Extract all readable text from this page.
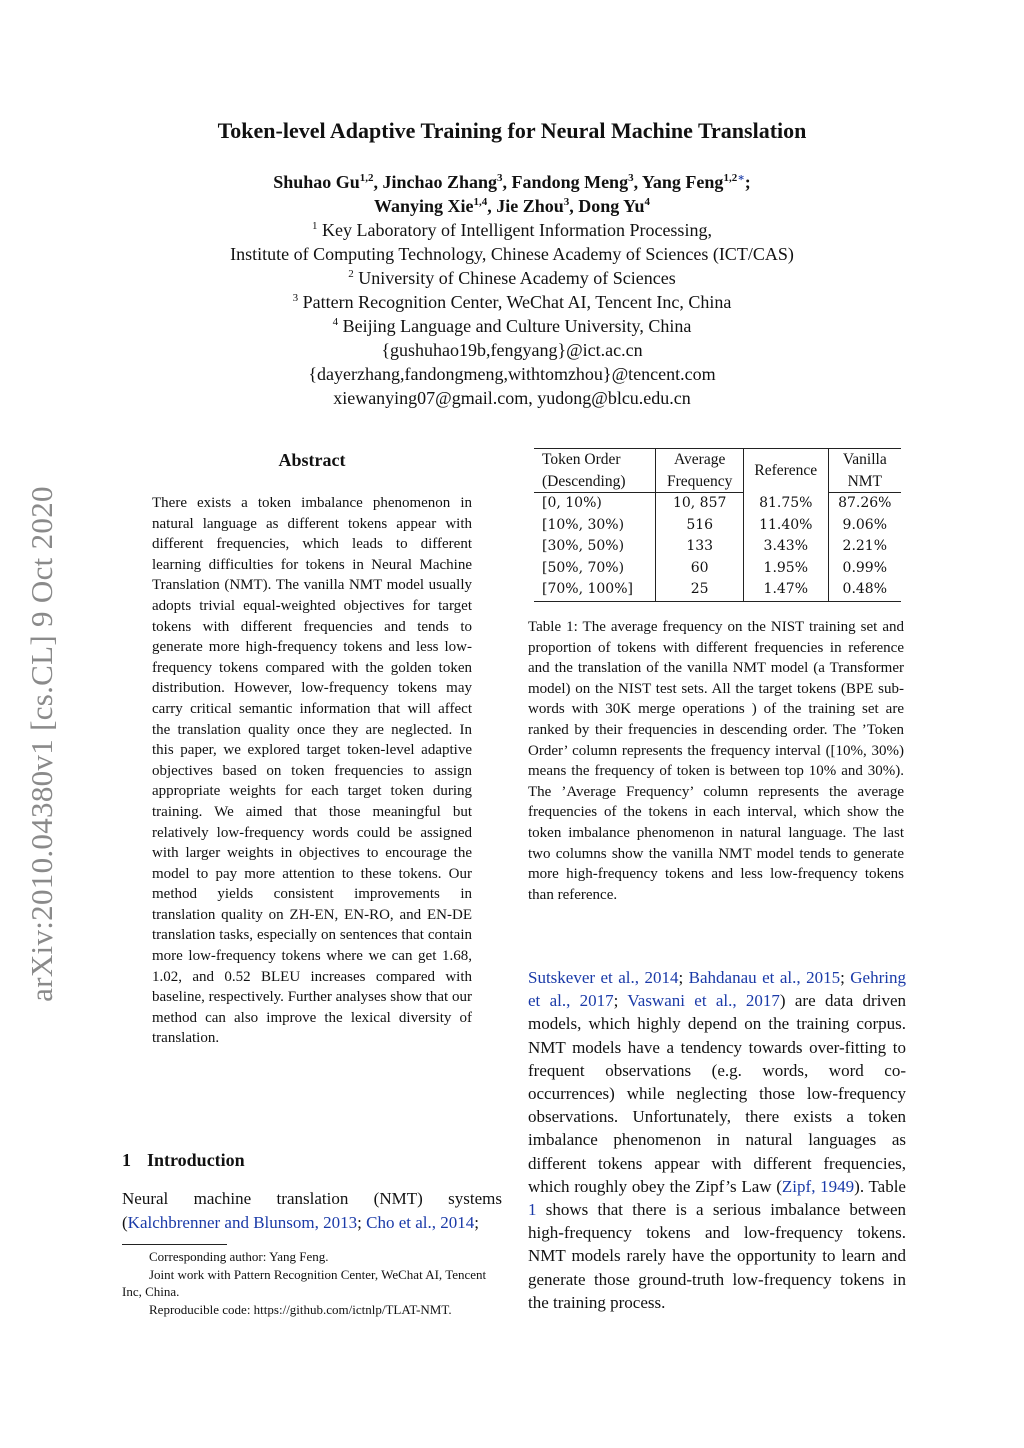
arXiv:2010.04380v1 [cs.CL] 9 Oct 2020
Token-level Adaptive Training for Neural Machine Translation
Shuhao Gu$^{1,2}$, Jinchao Zhang$^3$, Fandong Meng$^3$, Yang Feng$^{1,2∗}$;
Wanying Xie$^{1,4}$, Jie Zhou$^3$, Dong Yu$^4$
$^1$ Key Laboratory of Intelligent Information Processing,
Institute of Computing Technology, Chinese Academy of Sciences (ICT/CAS)
$^2$ University of Chinese Academy of Sciences
$^3$ Pattern Recognition Center, WeChat AI, Tencent Inc, China
$^4$ Beijing Language and Culture University, China
{gushuhao19b,fengyang}@ict.ac.cn
{dayerzhang,fandongmeng,withtomzhou}@tencent.com
xiewanying07@gmail.com, yudong@blcu.edu.cn
Abstract
There exists a token imbalance phenomenon in natural language as different tokens appear with different frequencies, which leads to different learning difficulties for tokens in Neural Machine Translation (NMT). The vanilla NMT model usually adopts trivial equal-weighted objectives for target tokens with different frequencies and tends to generate more high-frequency tokens and less low-frequency tokens compared with the golden token distribution. However, low-frequency tokens may carry critical semantic information that will affect the translation quality once they are neglected. In this paper, we explored target token-level adaptive objectives based on token frequencies to assign appropriate weights for each target token during training. We aimed that those meaningful but relatively low-frequency words could be assigned with larger weights in objectives to encourage the model to pay more attention to these tokens. Our method yields consistent improvements in translation quality on ZH-EN, EN-RO, and EN-DE translation tasks, especially on sentences that contain more low-frequency tokens where we can get 1.68, 1.02, and 0.52 BLEU increases compared with baseline, respectively. Further analyses show that our method can also improve the lexical diversity of translation.
1 Introduction
Neural machine translation (NMT) systems (Kalchbrenner and Blunsom, 2013; Cho et al., 2014;

Corresponding author: Yang Feng.

Joint work with Pattern Recognition Center, WeChat AI, Tencent Inc, China.

Reproducible code: https://github.com/ictnlp/TLAT-NMT.

Token Order	Average	Reference	Vanilla
(Descending)	Frequency		NMT
[0, 10%)	10, 857	81.75%	87.26%
[10%, 30%)	516	11.40%	9.06%
[30%, 50%)	133	3.43%	2.21%
[50%, 70%)	60	1.95%	0.99%
[70%, 100%]	25	1.47%	0.48%
Table 1: The average frequency on the NIST training set and proportion of tokens with different frequencies in reference and the translation of the vanilla NMT model (a Transformer model) on the NIST test sets. All the target tokens (BPE sub-words with 30K merge operations ) of the training set are ranked by their frequencies in descending order. The ’Token Order’ column represents the frequency interval ([10%, 30%) means the frequency of token is between top 10% and 30%). The ’Average Frequency’ column represents the average frequencies of the tokens in each interval, which show the token imbalance phenomenon in natural language. The last two columns show the vanilla NMT model tends to generate more high-frequency tokens and less low-frequency tokens than reference.
Sutskever et al., 2014; Bahdanau et al., 2015; Gehring et al., 2017; Vaswani et al., 2017) are data driven models, which highly depend on the training corpus. NMT models have a tendency towards over-fitting to frequent observations (e.g. words, word co-occurrences) while neglecting those low-frequency observations. Unfortunately, there exists a token imbalance phenomenon in natural languages as different tokens appear with different frequencies, which roughly obey the Zipf’s Law (Zipf, 1949). Table 1 shows that there is a serious imbalance between high-frequency tokens and low-frequency tokens. NMT models rarely have the opportunity to learn and generate those ground-truth low-frequency tokens in the training process.
